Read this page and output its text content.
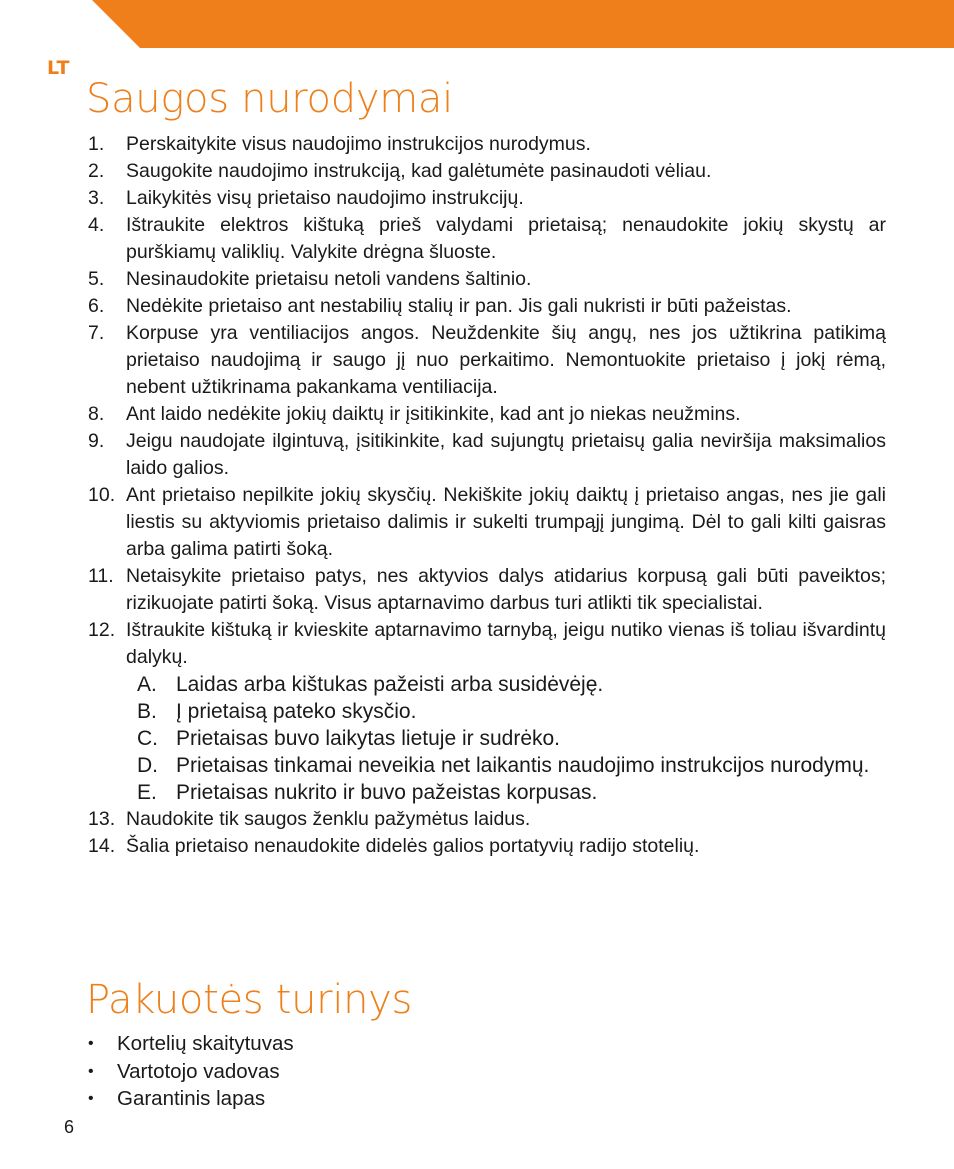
LT
Saugos nurodymai
1. Perskaitykite visus naudojimo instrukcijos nurodymus.
2. Saugokite naudojimo instrukciją, kad galėtumėte pasinaudoti vėliau.
3. Laikykitės visų prietaiso naudojimo instrukcijų.
4. Ištraukite elektros kištuką prieš valydami prietaisą; nenaudokite jokių skystų ar purškiamų valiklių. Valykite drėgna šluoste.
5. Nesinaudokite prietaisu netoli vandens šaltinio.
6. Nedėkite prietaiso ant nestabilių stalių ir pan. Jis gali nukristi ir būti pažeistas.
7. Korpuse yra ventiliacijos angos. Neuždenkite šių angų, nes jos užtikrina patikimą prietaiso naudojimą ir saugo jį nuo perkaitimo. Nemontuokite prietaiso į jokį rėmą, nebent užtikrinama pakankama ventiliacija.
8. Ant laido nedėkite jokių daiktų ir įsitikinkite, kad ant jo niekas neužmins.
9. Jeigu naudojate ilgintuvą, įsitikinkite, kad sujungtų prietaisų galia neviršija maksimalios laido galios.
10. Ant prietaiso nepilkite jokių skysčių. Nekiškite jokių daiktų į prietaiso angas, nes jie gali liestis su aktyviomis prietaiso dalimis ir sukelti trumpąjį jungimą. Dėl to gali kilti gaisras arba galima patirti šoką.
11. Netaisykite prietaiso patys, nes aktyvios dalys atidarius korpusą gali būti paveiktos; rizikuojate patirti šoką. Visus aptarnavimo darbus turi atlikti tik specialistai.
12. Ištraukite kištuką ir kvieskite aptarnavimo tarnybą, jeigu nutiko vienas iš toliau išvardintų dalykų.
A. Laidas arba kištukas pažeisti arba susidėvėję.
B. Į prietaisą pateko skysčio.
C. Prietaisas buvo laikytas lietuje ir sudrėko.
D. Prietaisas tinkamai neveikia net laikantis naudojimo instrukcijos nurodymų.
E. Prietaisas nukrito ir buvo pažeistas korpusas.
13. Naudokite tik saugos ženklu pažymėtus laidus.
14. Šalia prietaiso nenaudokite didelės galios portatyvių radijo stotelių.
Pakuotės turinys
• Kortelių skaitytuvas
• Vartotojo vadovas
• Garantinis lapas
6
